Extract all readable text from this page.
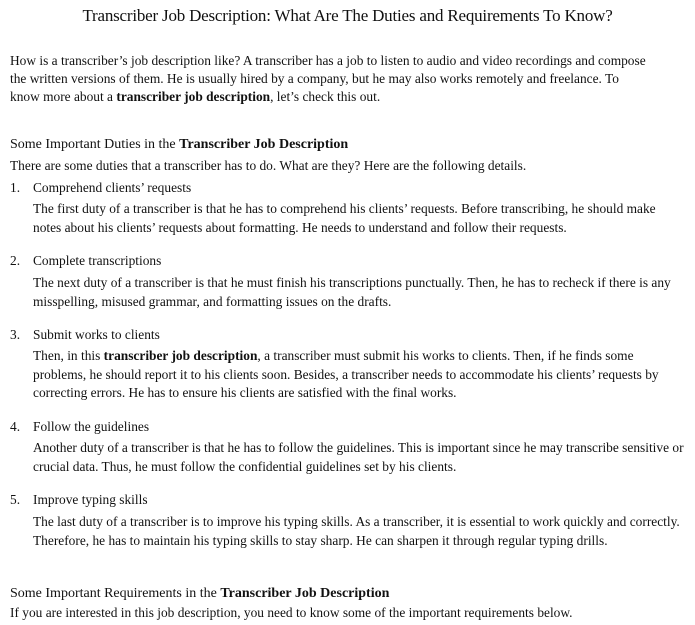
Transcriber Job Description: What Are The Duties and Requirements To Know?

How is a transcriber’s job description like? A transcriber has a job to listen to audio and video recordings and compose the written versions of them. He is usually hired by a company, but he may also works remotely and freelance. To know more about a transcriber job description, let’s check this out.

Some Important Duties in the Transcriber Job Description

There are some duties that a transcriber has to do. What are they? Here are the following details.

1. Comprehend clients’ requests

The first duty of a transcriber is that he has to comprehend his clients’ requests. Before transcribing, he should make notes about his clients’ requests about formatting. He needs to understand and follow their requests.

2. Complete transcriptions

The next duty of a transcriber is that he must finish his transcriptions punctually. Then, he has to recheck if there is any misspelling, misused grammar, and formatting issues on the drafts.

3. Submit works to clients

Then, in this transcriber job description, a transcriber must submit his works to clients. Then, if he finds some problems, he should report it to his clients soon. Besides, a transcriber needs to accommodate his clients’ requests by correcting errors. He has to ensure his clients are satisfied with the final works.

4. Follow the guidelines

Another duty of a transcriber is that he has to follow the guidelines. This is important since he may transcribe sensitive or crucial data. Thus, he must follow the confidential guidelines set by his clients.

5. Improve typing skills

The last duty of a transcriber is to improve his typing skills. As a transcriber, it is essential to work quickly and correctly. Therefore, he has to maintain his typing skills to stay sharp. He can sharpen it through regular typing drills.

Some Important Requirements in the Transcriber Job Description

If you are interested in this job description, you need to know some of the important requirements below.
